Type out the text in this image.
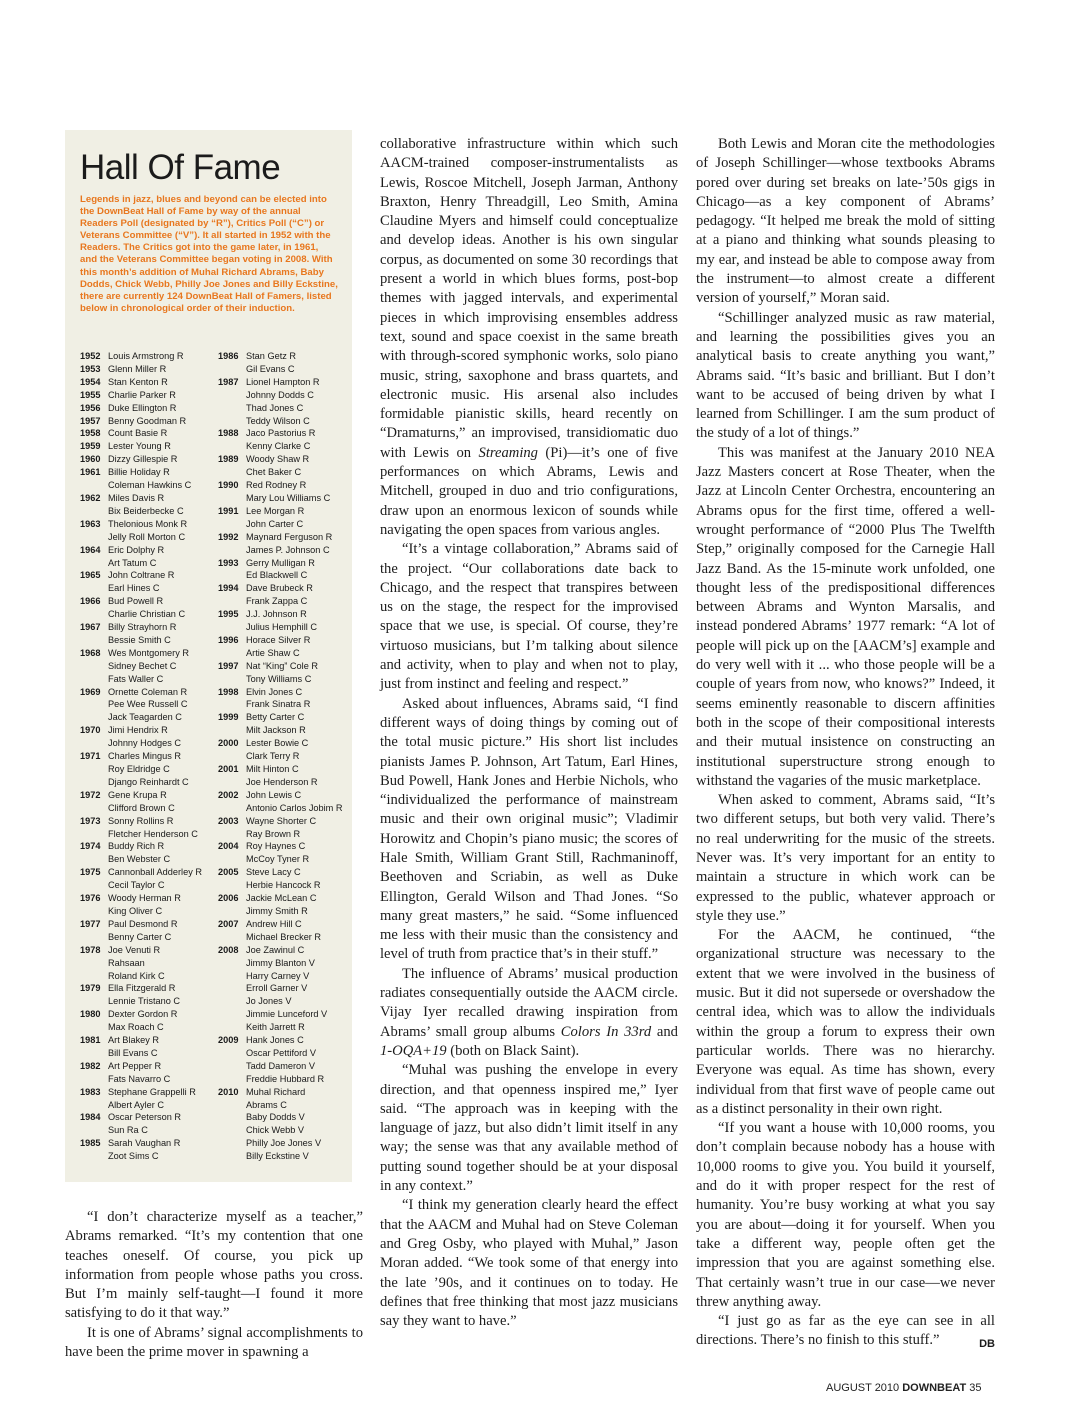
Hall Of Fame

Legends in jazz, blues and beyond can be elected into the DownBeat Hall of Fame by way of the annual Readers Poll (designated by “R”), Critics Poll (“C”) or Veterans Committee (“V”). It all started in 1952 with the Readers. The Critics got into the game later, in 1961, and the Veterans Committee began voting in 2008. With this month’s addition of Muhal Richard Abrams, Baby Dodds, Chick Webb, Philly Joe Jones and Billy Eckstine, there are currently 124 DownBeat Hall of Famers, listed below in chronological order of their induction.

1952 Louis Armstrong R
1953 Glenn Miller R
1954 Stan Kenton R
1955 Charlie Parker R
1956 Duke Ellington R
1957 Benny Goodman R
1958 Count Basie R
1959 Lester Young R
1960 Dizzy Gillespie R
1961 Billie Holiday R
Coleman Hawkins C
1962 Miles Davis R
Bix Beiderbecke C
1963 Thelonious Monk R
Jelly Roll Morton C
1964 Eric Dolphy R
Art Tatum C
1965 John Coltrane R
Earl Hines C
1966 Bud Powell R
Charlie Christian C
1967 Billy Strayhorn R
Bessie Smith C
1968 Wes Montgomery R
Sidney Bechet C
Fats Waller C
1969 Ornette Coleman R
Pee Wee Russell C
Jack Teagarden C
1970 Jimi Hendrix R
Johnny Hodges C
1971 Charles Mingus R
Roy Eldridge C
Django Reinhardt C
1972 Gene Krupa R
Clifford Brown C
1973 Sonny Rollins R
Fletcher Henderson C
1974 Buddy Rich R
Ben Webster C
1975 Cannonball Adderley R
Cecil Taylor C
1976 Woody Herman R
King Oliver C
1977 Paul Desmond R
Benny Carter C
1978 Joe Venuti R
Rahsaan
Roland Kirk C
1979 Ella Fitzgerald R
Lennie Tristano C
1980 Dexter Gordon R
Max Roach C
1981 Art Blakey R
Bill Evans C
1982 Art Pepper R
Fats Navarro C
1983 Stephane Grappelli R
Albert Ayler C
1984 Oscar Peterson R
Sun Ra C
1985 Sarah Vaughan R
Zoot Sims C
1986 Stan Getz R
Gil Evans C
1987 Lionel Hampton R
Johnny Dodds C
Thad Jones C
Teddy Wilson C
1988 Jaco Pastorius R
Kenny Clarke C
1989 Woody Shaw R
Chet Baker C
1990 Red Rodney R
Mary Lou Williams C
1991 Lee Morgan R
John Carter C
1992 Maynard Ferguson R
James P. Johnson C
1993 Gerry Mulligan R
Ed Blackwell C
1994 Dave Brubeck R
Frank Zappa C
1995 J.J. Johnson R
Julius Hemphill C
1996 Horace Silver R
Artie Shaw C
1997 Nat “King” Cole R
Tony Williams C
1998 Elvin Jones C
Frank Sinatra R
1999 Betty Carter C
Milt Jackson R
2000 Lester Bowie C
Clark Terry R
2001 Milt Hinton C
Joe Henderson R
2002 John Lewis C
Antonio Carlos Jobim R
2003 Wayne Shorter C
Ray Brown R
2004 Roy Haynes C
McCoy Tyner R
2005 Steve Lacy C
Herbie Hancock R
2006 Jackie McLean C
Jimmy Smith R
2007 Andrew Hill C
Michael Brecker R
2008 Joe Zawinul C
Jimmy Blanton V
Harry Carney V
Erroll Garner V
Jo Jones V
Jimmie Lunceford V
Keith Jarrett R
2009 Hank Jones C
Oscar Pettiford V
Tadd Dameron V
Freddie Hubbard R
2010 Muhal Richard
Abrams C
Baby Dodds V
Chick Webb V
Philly Joe Jones V
Billy Eckstine V

“I don’t characterize myself as a teacher,” Abrams remarked. “It’s my contention that one teaches oneself. Of course, you pick up information from people whose paths you cross. But I’m mainly self-taught—I found it more satisfying to do it that way.”

It is one of Abrams’ signal accomplishments to have been the prime mover in spawning a

collaborative infrastructure within which such AACM-trained composer-instrumentalists as Lewis, Roscoe Mitchell, Joseph Jarman, Anthony Braxton, Henry Threadgill, Leo Smith, Amina Claudine Myers and himself could conceptualize and develop ideas. Another is his own singular corpus, as documented on some 30 recordings that present a world in which blues forms, post-bop themes with jagged intervals, and experimental pieces in which improvising ensembles address text, sound and space coexist in the same breath with through-scored symphonic works, solo piano music, string, saxophone and brass quartets, and electronic music. His arsenal also includes formidable pianistic skills, heard recently on “Dramaturns,” an improvised, transidiomatic duo with Lewis on Streaming (Pi)—it’s one of five performances on which Abrams, Lewis and Mitchell, grouped in duo and trio configurations, draw upon an enormous lexicon of sounds while navigating the open spaces from various angles.

“It’s a vintage collaboration,” Abrams said of the project. “Our collaborations date back to Chicago, and the respect that transpires between us on the stage, the respect for the improvised space that we use, is special. Of course, they’re virtuoso musicians, but I’m talking about silence and activity, when to play and when not to play, just from instinct and feeling and respect.”

Asked about influences, Abrams said, “I find different ways of doing things by coming out of the total music picture.” His short list includes pianists James P. Johnson, Art Tatum, Earl Hines, Bud Powell, Hank Jones and Herbie Nichols, who “individualized the performance of mainstream music and their own original music”; Vladimir Horowitz and Chopin’s piano music; the scores of Hale Smith, William Grant Still, Rachmaninoff, Beethoven and Scriabin, as well as Duke Ellington, Gerald Wilson and Thad Jones. “So many great masters,” he said. “Some influenced me less with their music than the consistency and level of truth from practice that’s in their stuff.”

The influence of Abrams’ musical production radiates consequentially outside the AACM circle. Vijay Iyer recalled drawing inspiration from Abrams’ small group albums Colors In 33rd and 1-OQA+19 (both on Black Saint).

“Muhal was pushing the envelope in every direction, and that openness inspired me,” Iyer said. “The approach was in keeping with the language of jazz, but also didn’t limit itself in any way; the sense was that any available method of putting sound together should be at your disposal in any context.”

“I think my generation clearly heard the effect that the AACM and Muhal had on Steve Coleman and Greg Osby, who played with Muhal,” Jason Moran added. “We took some of that energy into the late ’90s, and it continues on to today. He defines that free thinking that most jazz musicians say they want to have.”

Both Lewis and Moran cite the methodologies of Joseph Schillinger—whose textbooks Abrams pored over during set breaks on late-’50s gigs in Chicago—as a key component of Abrams’ pedagogy. “It helped me break the mold of sitting at a piano and thinking what sounds pleasing to my ear, and instead be able to compose away from the instrument—to almost create a different version of yourself,” Moran said.

“Schillinger analyzed music as raw material, and learning the possibilities gives you an analytical basis to create anything you want,” Abrams said. “It’s basic and brilliant. But I don’t want to be accused of being driven by what I learned from Schillinger. I am the sum product of the study of a lot of things.”

This was manifest at the January 2010 NEA Jazz Masters concert at Rose Theater, when the Jazz at Lincoln Center Orchestra, encountering an Abrams opus for the first time, offered a well-wrought performance of “2000 Plus The Twelfth Step,” originally composed for the Carnegie Hall Jazz Band. As the 15-minute work unfolded, one thought less of the predispositional differences between Abrams and Wynton Marsalis, and instead pondered Abrams’ 1977 remark: “A lot of people will pick up on the [AACM’s] example and do very well with it ... who those people will be a couple of years from now, who knows?” Indeed, it seems eminently reasonable to discern affinities both in the scope of their compositional interests and their mutual insistence on constructing an institutional superstructure strong enough to withstand the vagaries of the music marketplace.

When asked to comment, Abrams said, “It’s two different setups, but both very valid. There’s no real underwriting for the music of the streets. Never was. It’s very important for an entity to maintain a structure in which work can be expressed to the public, whatever approach or style they use.”

For the AACM, he continued, “the organizational structure was necessary to the extent that we were involved in the business of music. But it did not supersede or overshadow the central idea, which was to allow the individuals within the group a forum to express their own particular worlds. There was no hierarchy. Everyone was equal. As time has shown, every individual from that first wave of people came out as a distinct personality in their own right.

“If you want a house with 10,000 rooms, you don’t complain because nobody has a house with 10,000 rooms to give you. You build it yourself, and do it with proper respect for the rest of humanity. You’re busy working at what you say you are about—doing it for yourself. When you take a different way, people often get the impression that you are against something else. That certainly wasn’t true in our case—we never threw anything away.

“I just go as far as the eye can see in all directions. There’s no finish to this stuff.”	DB

AUGUST 2010 DOWNBEAT 35
